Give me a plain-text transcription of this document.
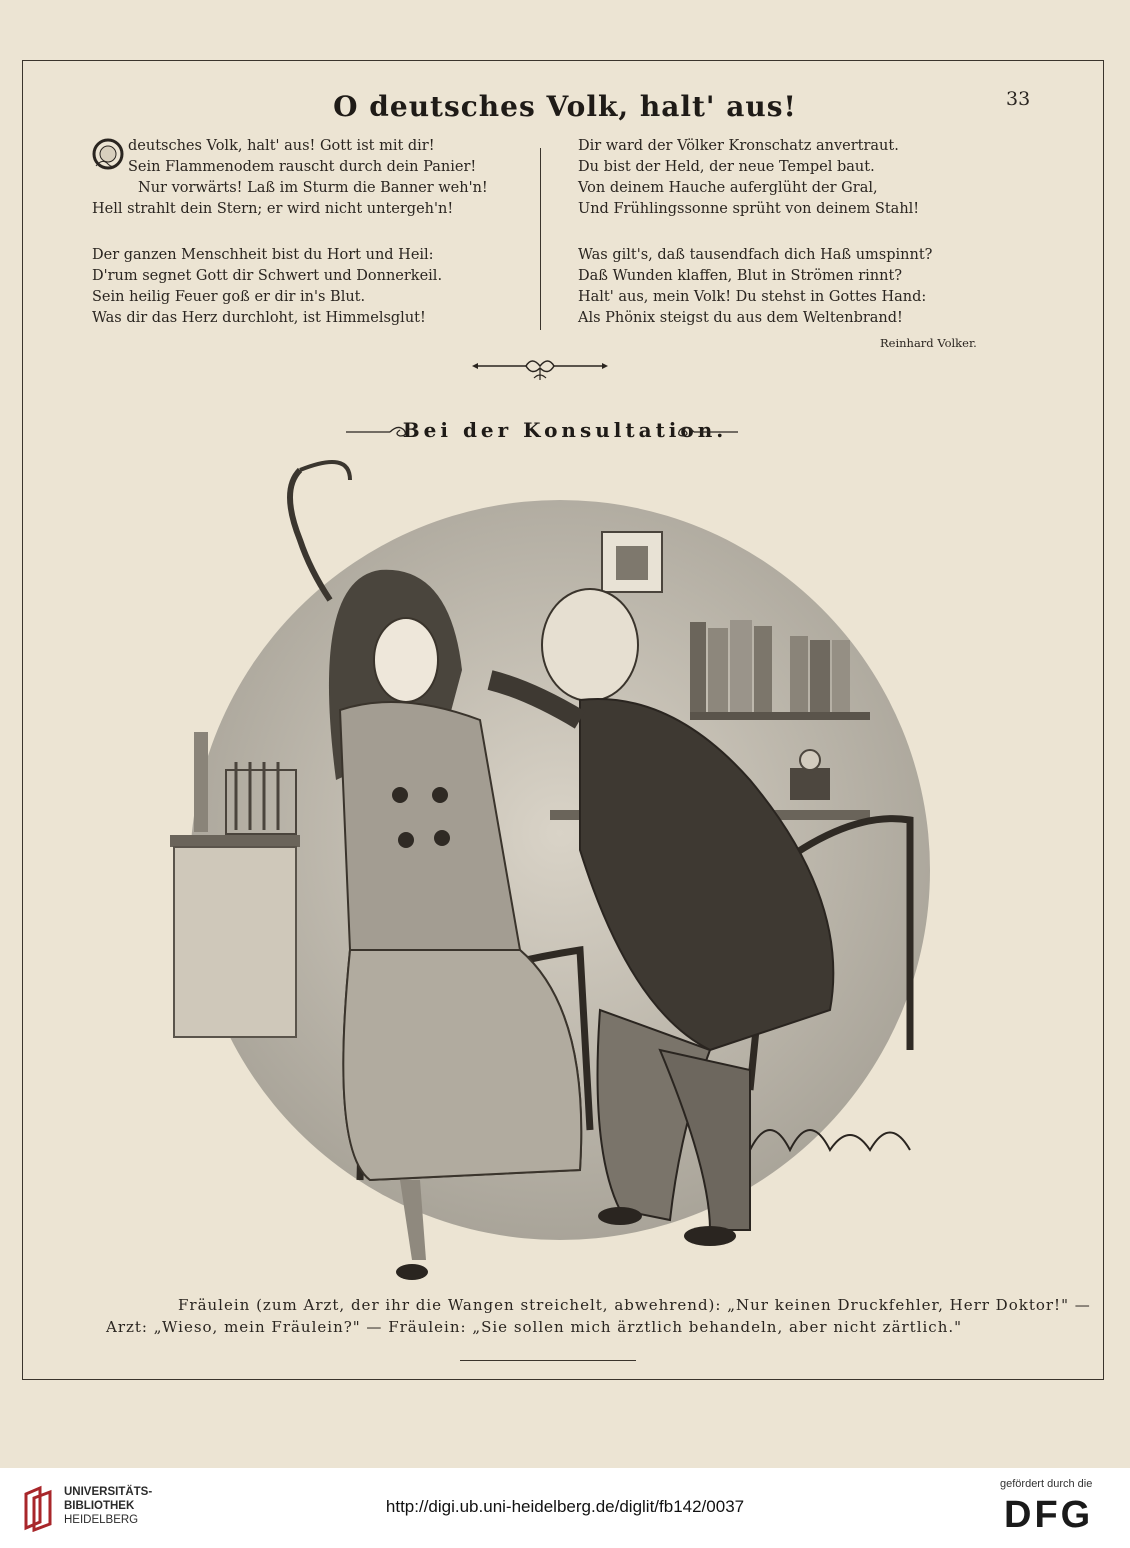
33
O deutsches Volk, halt' aus!
deutsches Volk, halt' aus! Gott ist mit dir!
Sein Flammenodem rauscht durch dein Panier!
Nur vorwärts! Laß im Sturm die Banner weh'n!
Hell strahlt dein Stern; er wird nicht untergeh'n!
Der ganzen Menschheit bist du Hort und Heil:
D'rum segnet Gott dir Schwert und Donnerkeil.
Sein heilig Feuer goß er dir in's Blut.
Was dir das Herz durchloht, ist Himmelsglut!
Dir ward der Völker Kronschatz anvertraut.
Du bist der Held, der neue Tempel baut.
Von deinem Hauche auferglüht der Gral,
Und Frühlingssonne sprüht von deinem Stahl!
Was gilt's, daß tausendfach dich Haß umspinnt?
Daß Wunden klaffen, Blut in Strömen rinnt?
Halt' aus, mein Volk! Du stehst in Gottes Hand:
Als Phönix steigst du aus dem Weltenbrand!
Reinhard Volker.
Bei der Konsultation.
Fräulein (zum Arzt, der ihr die Wangen streichelt, abwehrend): „Nur keinen Druckfehler, Herr Doktor!" —
Arzt: „Wieso, mein Fräulein?" — Fräulein: „Sie sollen mich ärztlich behandeln, aber nicht zärtlich."
UNIVERSITÄTS-
BIBLIOTHEK
HEIDELBERG
http://digi.ub.uni-heidelberg.de/diglit/fb142/0037
gefördert durch die
DFG
